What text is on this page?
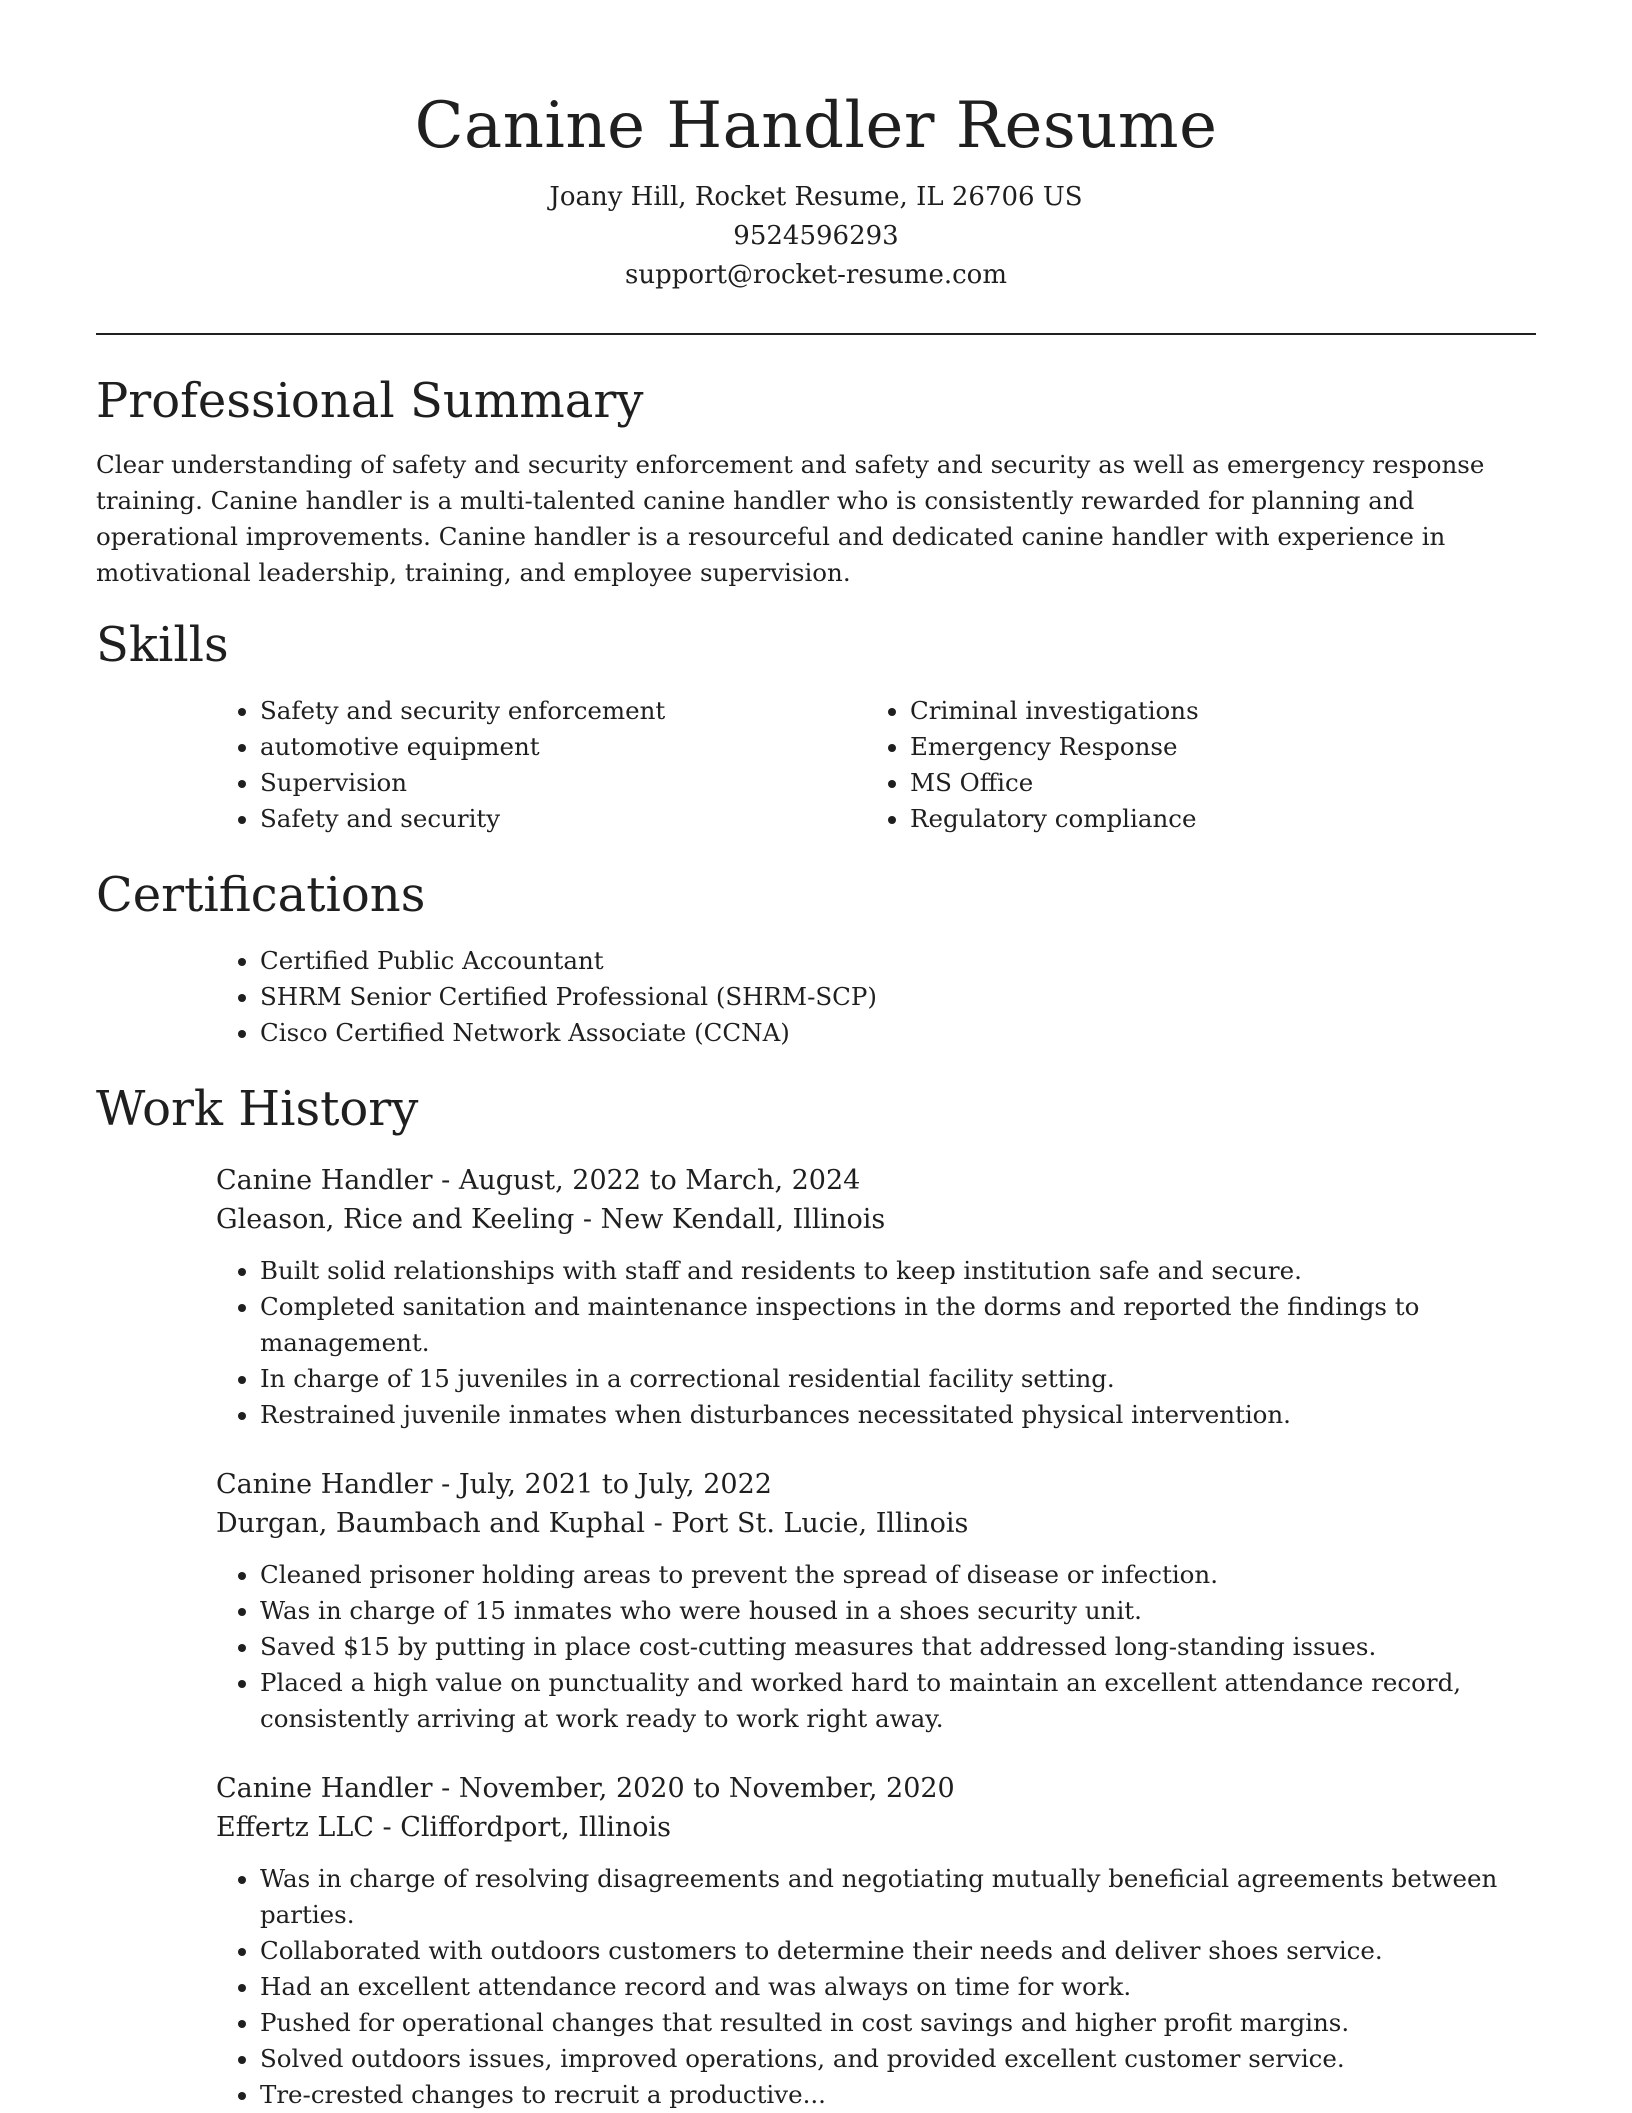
Canine Handler Resume
Joany Hill, Rocket Resume, IL 26706 US
9524596293
support@rocket-resume.com
Professional Summary

Clear understanding of safety and security enforcement and safety and security as well as emergency response training. Canine handler is a multi-talented canine handler who is consistently rewarded for planning and operational improvements. Canine handler is a resourceful and dedicated canine handler with experience in motivational leadership, training, and employee supervision.

Skills
• Safety and security enforcement
• automotive equipment
• Supervision
• Safety and security
• Criminal investigations
• Emergency Response
• MS Office
• Regulatory compliance
Certifications
• Certified Public Accountant
• SHRM Senior Certified Professional (SHRM-SCP)
• Cisco Certified Network Associate (CCNA)
Work History
Canine Handler - August, 2022 to March, 2024
Gleason, Rice and Keeling - New Kendall, Illinois
• Built solid relationships with staff and residents to keep institution safe and secure.
• Completed sanitation and maintenance inspections in the dorms and reported the findings to management.
• In charge of 15 juveniles in a correctional residential facility setting.
• Restrained juvenile inmates when disturbances necessitated physical intervention.
Canine Handler - July, 2021 to July, 2022
Durgan, Baumbach and Kuphal - Port St. Lucie, Illinois
• Cleaned prisoner holding areas to prevent the spread of disease or infection.
• Was in charge of 15 inmates who were housed in a shoes security unit.
• Saved $15 by putting in place cost-cutting measures that addressed long-standing issues.
• Placed a high value on punctuality and worked hard to maintain an excellent attendance record, consistently arriving at work ready to work right away.
Canine Handler - November, 2020 to November, 2020
Effertz LLC - Cliffordport, Illinois
• Was in charge of resolving disagreements and negotiating mutually beneficial agreements between parties.
• Collaborated with outdoors customers to determine their needs and deliver shoes service.
• Had an excellent attendance record and was always on time for work.
• Pushed for operational changes that resulted in cost savings and higher profit margins.
• Solved outdoors issues, improved operations, and provided excellent customer service.
• Tre-crested changes to recruit a productive...
